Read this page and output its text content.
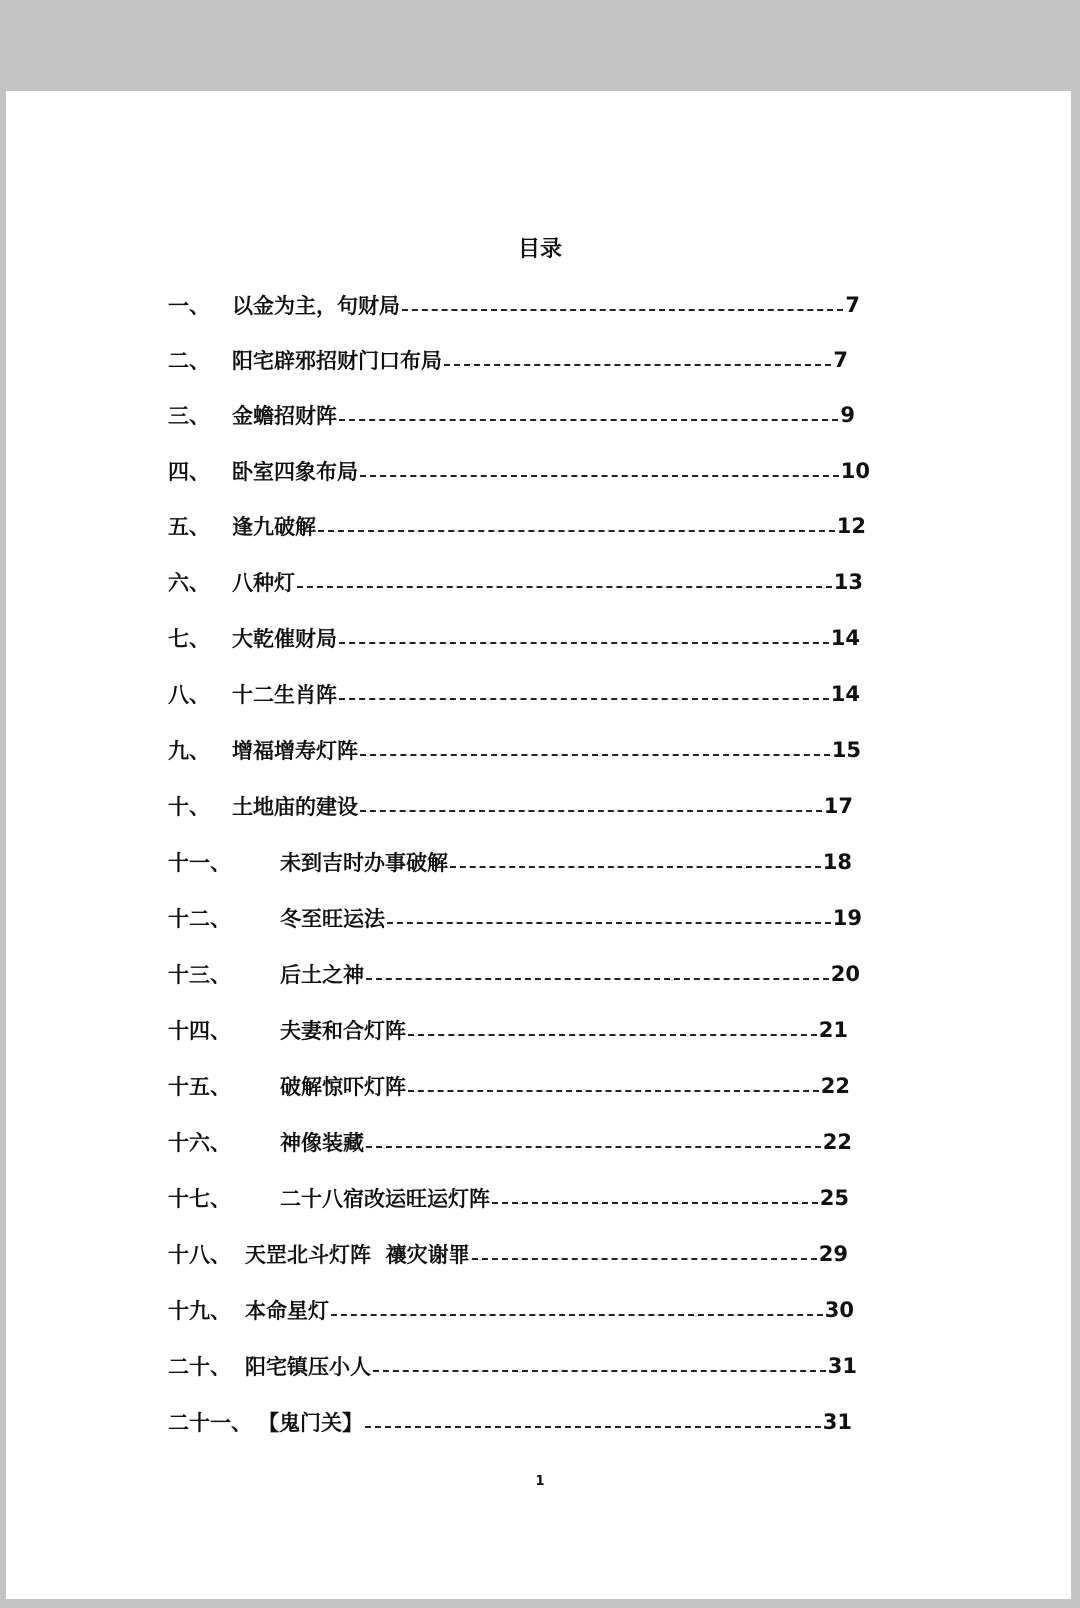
目录
一、	以金为主，句财局	7
二、	阳宅辟邪招财门口布局	7
三、	金蟾招财阵	9
四、	卧室四象布局	10
五、	逢九破解	12
六、	八种灯	13
七、	大乾催财局	14
八、	十二生肖阵	14
九、	增福增寿灯阵	15
十、	土地庙的建设	17
十一、	未到吉时办事破解	18
十二、	冬至旺运法	19
十三、	后土之神	20
十四、	夫妻和合灯阵	21
十五、	破解惊吓灯阵	22
十六、	神像装藏	22
十七、	二十八宿改运旺运灯阵	25
十八、 天罡北斗灯阵  禳灾谢罪	29
十九、 本命星灯	30
二十、 阳宅镇压小人	31
二十一、 【鬼门关】	31
1
